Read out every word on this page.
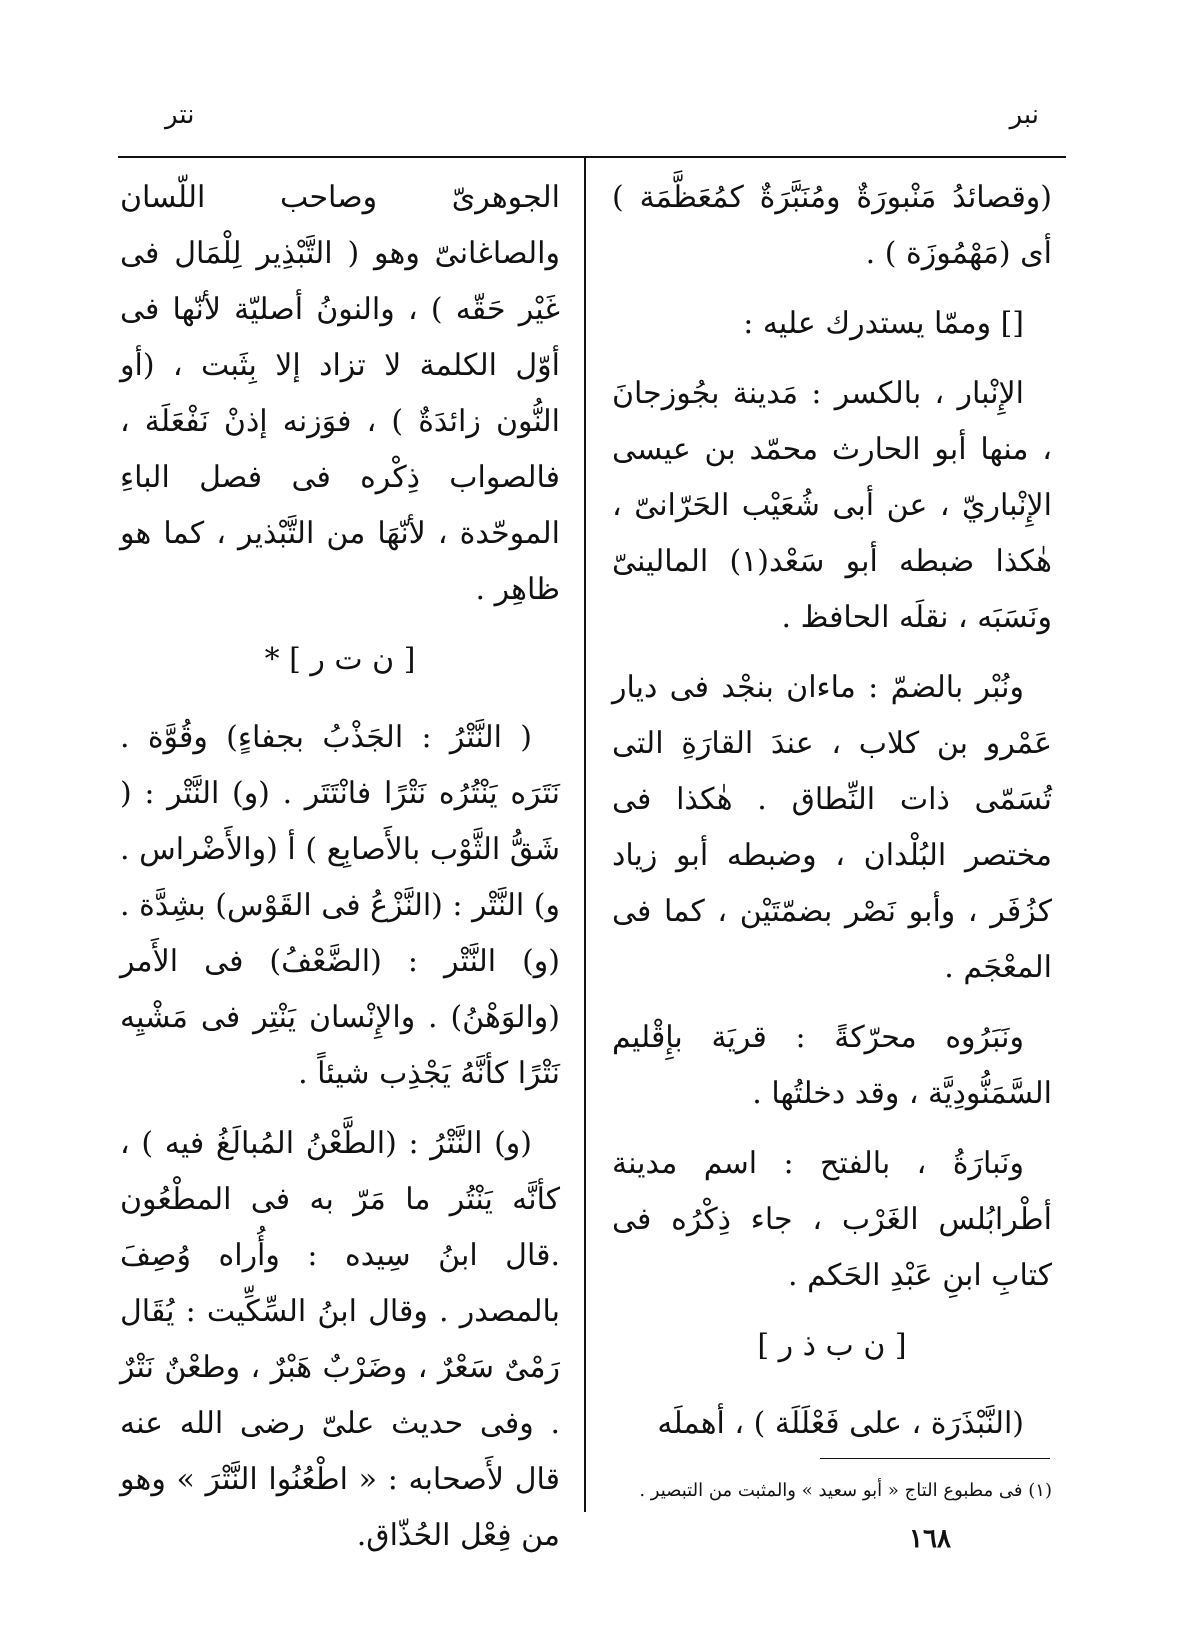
نبر
نتر

(وقصائدُ مَنْبورَةٌ ومُنَبَّرَةٌ كمُعَظَّمَة ) أى (مَهْمُوزَة ) .

[] وممّا يستدرك عليه :

الإِنْبار ، بالكسر : مَدينة بجُوزجانَ ، منها أبو الحارث محمّد بن عيسى الإِنْباريّ ، عن أبى شُعَيْب الحَرّانىّ ، هٰكذا ضبطه أبو سَعْد(١) المالينىّ ونَسَبَه ، نقلَه الحافظ .

ونُبْر بالضمّ : ماءان بنجْد فى ديار عَمْرو بن كلاب ، عندَ القارَةِ التى تُسَمّى ذات النِّطاق . هٰكذا فى مختصر البُلْدان ، وضبطه أبو زياد كزُفَر ، وأبو نَصْر بضمّتَيْن ، كما فى المعْجَم .

ونَبَرُوه محرّكةً : قريَة بإِقْليم السَّمَنُّودِيَّة ، وقد دخلتُها .

ونَبارَةُ ، بالفتح : اسم مدينة أطْرابُلس الغَرْب ، جاء ذِكْرُه فى كتابِ ابنِ عَبْدِ الحَكم .

[ ن ب ذ ر ]

(النَّبْذَرَة ، على فَعْلَلَة ) ، أهملَه

الجوهرىّ وصاحب اللّسان والصاغانىّ وهو ( التَّبْذِير لِلْمَال فى غَيْر حَقّه ) ، والنونُ أصليّة لأنّها فى أوّل الكلمة لا تزاد إلا بِثَبت ، (أو النُّون زائدَةٌ ) ، فوَزنه إذنْ نَفْعَلَة ، فالصواب ذِكْره فى فصل الباءِ الموحّدة ، لأنّهَا من التَّبْذير ، كما هو ظاهِر .

[ ن ت ر ] *

( النَّتْرُ : الجَذْبُ بجفاءٍ) وقُوَّة . نَتَرَه يَنْتُرُه نَتْرًا فانْتَتَر . (و) النَّتْر : ( شَقُّ الثَّوْب بالأَصابِع ) أ (والأَضْراس . و) النَّتْر : (النَّزْعُ فى القَوْس) بشِدَّة . (و) النَّتْر : (الضَّعْفُ) فى الأَمر (والوَهْنُ) . والإِنْسان يَنْتِر فى مَشْيِه نَتْرًا كأنَّهُ يَجْذِب شيئاً .

(و) النَّتْرُ : (الطَّعْنُ المُبالَغُ فيه ) ، كأنَّه يَنْتُر ما مَرّ به فى المطْعُون .قال ابنُ سِيده : وأُراه وُصِفَ بالمصدر . وقال ابنُ السِّكِّيت : يُقَال رَمْىٌ سَعْرٌ ، وضَرْبٌ هَبْرٌ ، وطعْنٌ نَتْرٌ . وفى حديث علىّ رضى الله عنه قال لأَصحابه : « اطْعُنُوا النَّتْرَ » وهو من فِعْل الحُذّاق.

(١) فى مطبوع التاج « أبو سعيد » والمثبت من التبصير .
١٦٨
